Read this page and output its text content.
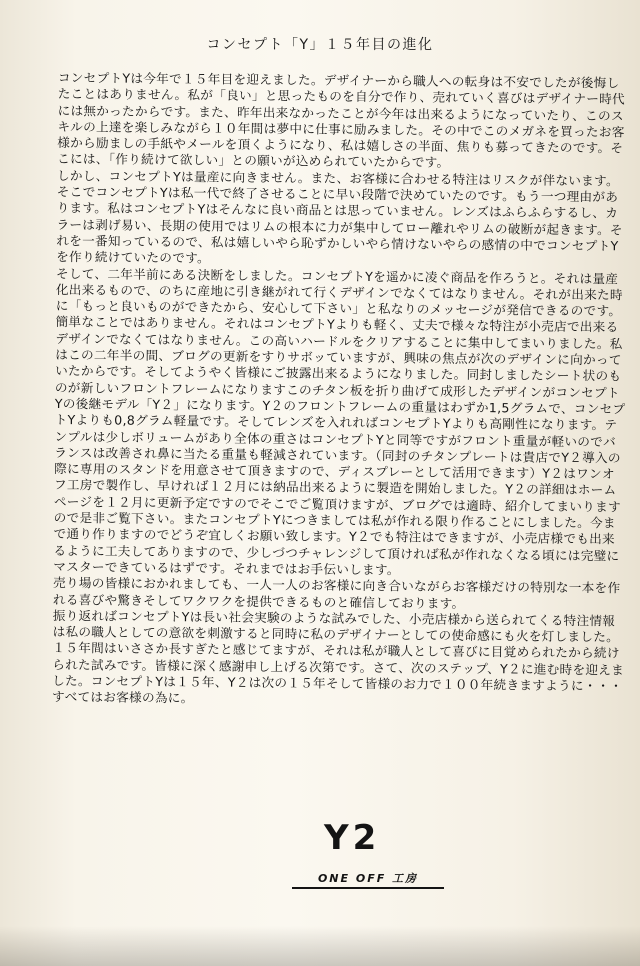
コンセプト「Y」１５年目の進化

コンセプトYは今年で１５年目を迎えました。デザイナーから職人への転身は不安でしたが後悔したことはありません。私が「良い」と思ったものを自分で作り、売れていく喜びはデザイナー時代には無かったからです。また、昨年出来なかったことが今年は出来るようになっていたり、このスキルの上達を楽しみながら１０年間は夢中に仕事に励みました。その中でこのメガネを買ったお客様から励ましの手紙やメールを頂くようになり、私は嬉しさの半面、焦りも募ってきたのです。そこには、「作り続けて欲しい」との願いが込められていたからです。

しかし、コンセプトYは量産に向きません。また、お客様に合わせる特注はリスクが伴ないます。そこでコンセプトYは私一代で終了させることに早い段階で決めていたのです。もう一つ理由があります。私はコンセプトYはそんなに良い商品とは思っていません。レンズはふらふらするし、カラーは剥げ易い、長期の使用ではリムの根本に力が集中してロー離れやリムの破断が起きます。それを一番知っているので、私は嬉しいやら恥ずかしいやら情けないやらの感情の中でコンセプトYを作り続けていたのです。

そして、二年半前にある決断をしました。コンセプトYを遥かに凌ぐ商品を作ろうと。それは量産化出来るもので、のちに産地に引き継がれて行くデザインでなくてはなりません。それが出来た時に「もっと良いものができたから、安心して下さい」と私なりのメッセージが発信できるのです。

簡単なことではありません。それはコンセプトYよりも軽く、丈夫で様々な特注が小売店で出来るデザインでなくてはなりません。この高いハードルをクリアすることに集中してまいりました。私はこの二年半の間、ブログの更新をすりサボッていますが、興味の焦点が次のデザインに向かっていたからです。そしてようやく皆様にご披露出来るようになりました。同封しましたシート状のものが新しいフロントフレームになりますこのチタン板を折り曲げて成形したデザインがコンセプトYの後継モデル「Y２」になります。Y２のフロントフレームの重量はわずか1,5グラムで、コンセプトYよりも0,8グラム軽量です。そしてレンズを入れればコンセプトYよりも高剛性になります。テンプルは少しボリュームがあり全体の重さはコンセプトYと同等ですがフロント重量が軽いのでバランスは改善され鼻に当たる重量も軽減されています。（同封のチタンプレートは貴店でY２導入の際に専用のスタンドを用意させて頂きますので、ディスプレーとして活用できます）Y２はワンオフ工房で製作し、早ければ１２月には納品出来るように製造を開始しました。Y２の詳細はホームページを１２月に更新予定ですのでそこでご覧頂けますが、ブログでは適時、紹介してまいりますので是非ご覧下さい。またコンセプトYにつきましては私が作れる限り作ることにしました。今まで通り作りますのでどうぞ宜しくお願い致します。Y２でも特注はできますが、小売店様でも出来るように工夫してありますので、少しづつチャレンジして頂ければ私が作れなくなる頃には完璧にマスターできているはずです。それまではお手伝いします。

売り場の皆様におかれましても、一人一人のお客様に向き合いながらお客様だけの特別な一本を作れる喜びや驚きそしてワクワクを提供できるものと確信しております。

振り返ればコンセプトYは長い社会実験のような試みでした、小売店様から送られてくる特注情報は私の職人としての意欲を刺激すると同時に私のデザイナーとしての使命感にも火を灯しました。１５年間はいささか長すぎたと感じてますが、それは私が職人として喜びに目覚められたから続けられた試みです。皆様に深く感謝申し上げる次第です。さて、次のステップ、Y２に進む時を迎えました。コンセプトYは１５年、Y２は次の１５年そして皆様のお力で１００年続きますように・・・すべてはお客様の為に。

Y2
ONE OFF 工房
